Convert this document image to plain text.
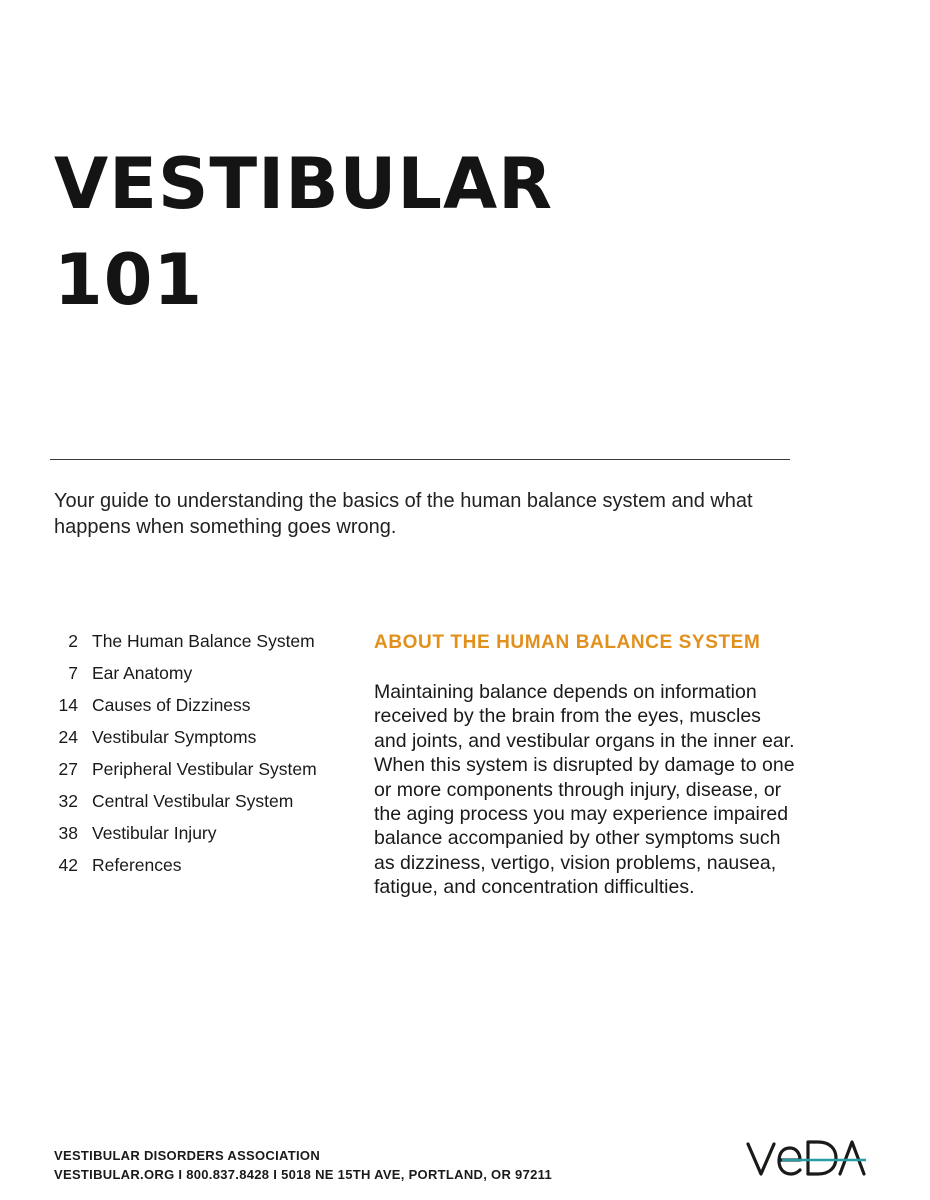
VESTIBULAR
101

Your guide to understanding the basics of the human balance system and what happens when something goes wrong.

2 The Human Balance System
7 Ear Anatomy
14 Causes of Dizziness
24 Vestibular Symptoms
27 Peripheral Vestibular System
32 Central Vestibular System
38 Vestibular Injury
42 References
ABOUT THE HUMAN BALANCE SYSTEM

Maintaining balance depends on information
received by the brain from the eyes, muscles
and joints, and vestibular organs in the inner ear.
When this system is disrupted by damage to one
or more components through injury, disease, or
the aging process you may experience impaired
balance accompanied by other symptoms such
as dizziness, vertigo, vision problems, nausea,
fatigue, and concentration difficulties.

VESTIBULAR DISORDERS ASSOCIATION
VESTIBULAR.ORG I 800.837.8428 I 5018 NE 15TH AVE, PORTLAND, OR 97211
